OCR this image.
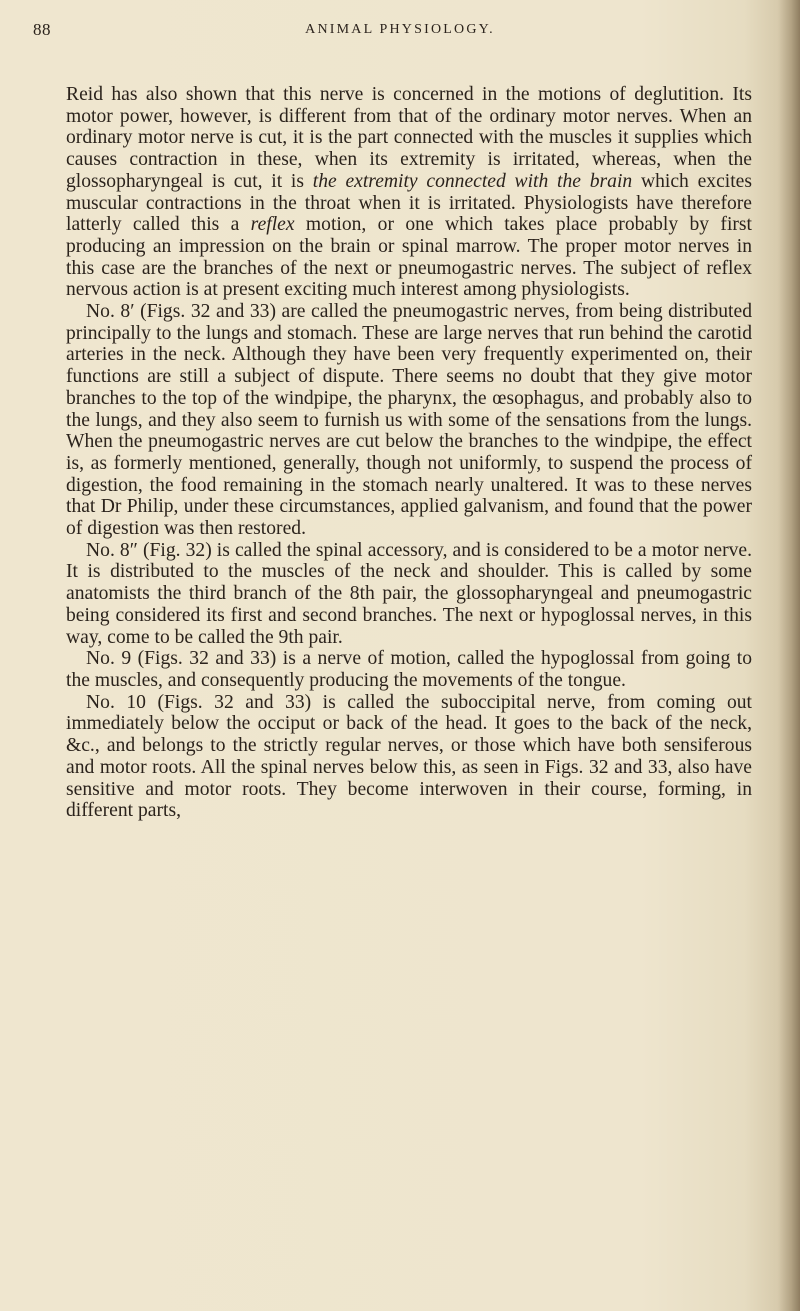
88	ANIMAL PHYSIOLOGY.

Reid has also shown that this nerve is concerned in the motions of deglutition. Its motor power, however, is different from that of the ordinary motor nerves. When an ordinary motor nerve is cut, it is the part connected with the muscles it supplies which causes contraction in these, when its extremity is irritated, whereas, when the glossopharyngeal is cut, it is the extremity connected with the brain which excites muscular contractions in the throat when it is irritated. Physiologists have therefore latterly called this a reflex motion, or one which takes place probably by first producing an impression on the brain or spinal marrow. The proper motor nerves in this case are the branches of the next or pneumogastric nerves. The subject of reflex nervous action is at present exciting much interest among physiologists.

No. 8′ (Figs. 32 and 33) are called the pneumogastric nerves, from being distributed principally to the lungs and stomach. These are large nerves that run behind the carotid arteries in the neck. Although they have been very frequently experimented on, their functions are still a subject of dispute. There seems no doubt that they give motor branches to the top of the windpipe, the pharynx, the œsophagus, and probably also to the lungs, and they also seem to furnish us with some of the sensations from the lungs. When the pneumogastric nerves are cut below the branches to the windpipe, the effect is, as formerly mentioned, generally, though not uniformly, to suspend the process of digestion, the food remaining in the stomach nearly unaltered. It was to these nerves that Dr Philip, under these circumstances, applied galvanism, and found that the power of digestion was then restored.

No. 8″ (Fig. 32) is called the spinal accessory, and is considered to be a motor nerve. It is distributed to the muscles of the neck and shoulder. This is called by some anatomists the third branch of the 8th pair, the glossopharyngeal and pneumogastric being considered its first and second branches. The next or hypoglossal nerves, in this way, come to be called the 9th pair.

No. 9 (Figs. 32 and 33) is a nerve of motion, called the hypoglossal from going to the muscles, and consequently producing the movements of the tongue.

No. 10 (Figs. 32 and 33) is called the suboccipital nerve, from coming out immediately below the occiput or back of the head. It goes to the back of the neck, &c., and belongs to the strictly regular nerves, or those which have both sensiferous and motor roots. All the spinal nerves below this, as seen in Figs. 32 and 33, also have sensitive and motor roots. They become interwoven in their course, forming, in different parts,
